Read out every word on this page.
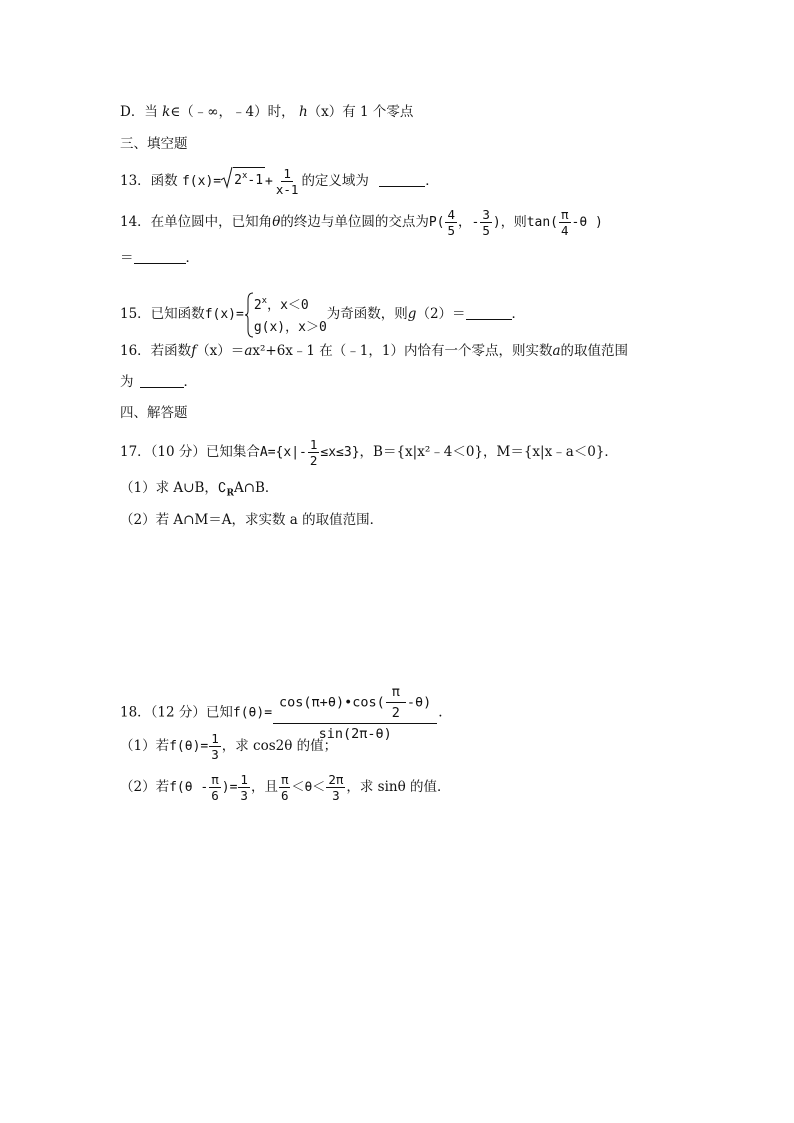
D．当 k∈（﹣∞，﹣4）时， h（x）有 1 个零点
三、填空题
13．函数 $f(x)= 2^x-1 + \frac{1}{x-1}$ 的定义域为	．
14．在单位圆中，已知角θ的终边与单位圆的交点为$P( \frac{4}{5}$ ，- $\frac{3}{5}$ )，则$\tan( \frac{\pi}{4} -\theta$ )
＝	．
15．已知函数f(x)=
$2^x$，x＜0
g(x)，x＞0
为奇函数，则g（2）＝	．
16．若函数f（x）＝ax²+6x﹣1 在（﹣1，1）内恰有一个零点，则实数a的取值范围
为	．
四、解答题
17．（10 分）已知集合$A=\{x|- \frac{1}{2} \le x\le 3\}$，B＝{x|x²﹣4＜0}，M＝{x|x﹣a＜0}．
（1）求 A∪B，$∁_RA\cap B$．
（2）若 A∩M＝A，求实数 a 的取值范围．
18．（12 分）已知$f(\theta)= \frac{\cos(\pi+\theta)•\cos( \frac{\pi}{2} -\theta)}{\sin(2\pi-\theta)}$ .
（1）若$f(\theta)= \frac{1}{3}$ ，求 cos2θ 的值；
（2）若$f(\theta - \frac{\pi}{6}$ )= $\frac{1}{3}$ ，且 $\frac{\pi}{6} <\theta< \frac{2\pi}{3}$ ，求 sinθ 的值．
